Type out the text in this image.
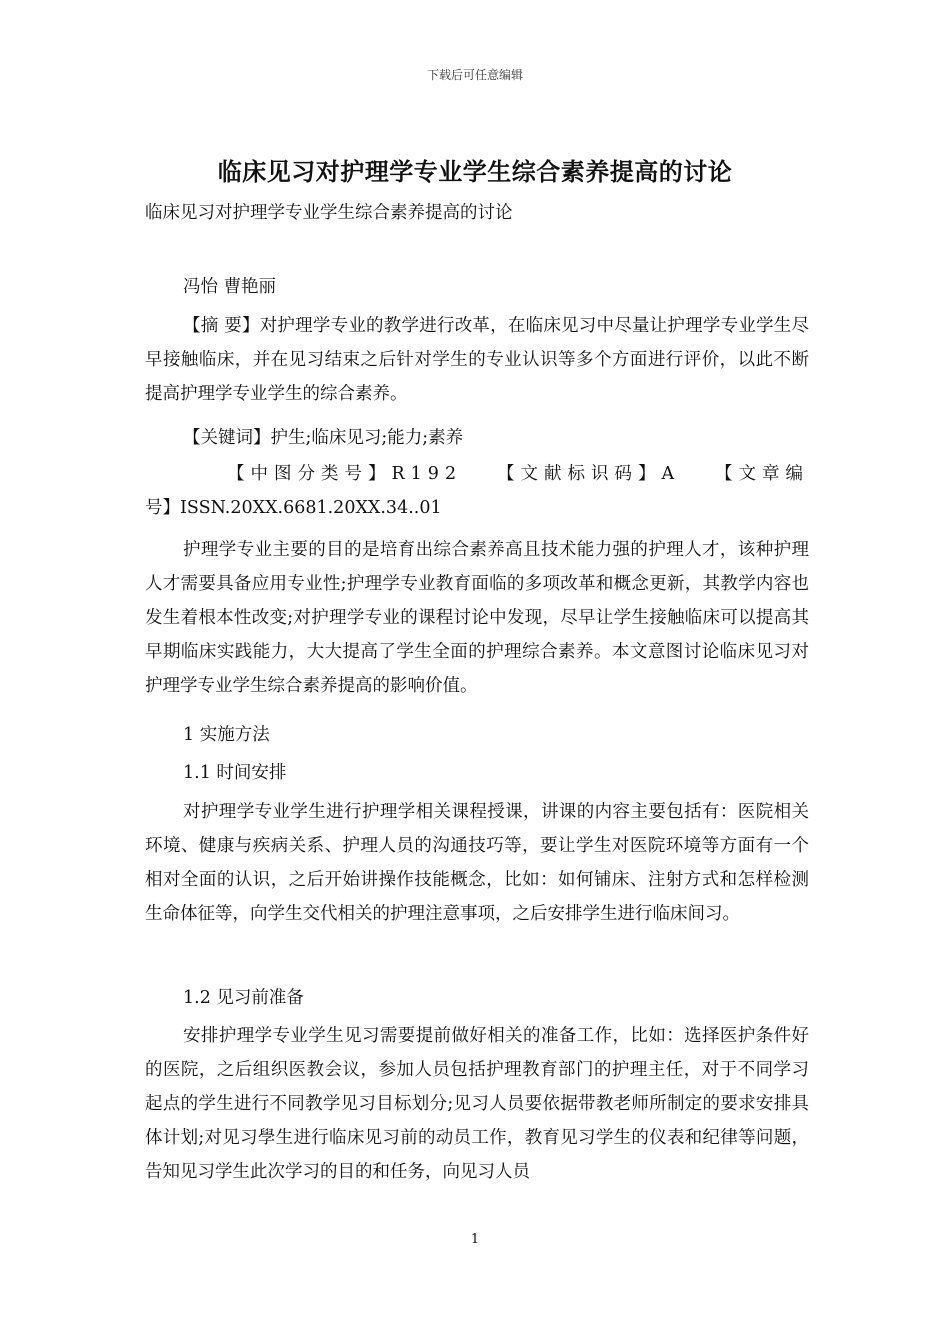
下载后可任意编辑
临床见习对护理学专业学生综合素养提高的讨论
临床见习对护理学专业学生综合素养提高的讨论
冯怡 曹艳丽
【摘 要】对护理学专业的教学进行改革，在临床见习中尽量让护理学专业学生尽早接触临床，并在见习结束之后针对学生的专业认识等多个方面进行评价，以此不断提高护理学专业学生的综合素养。
【关键词】护生;临床见习;能力;素养
【中图分类号】R192 【文献标识码】A 【文章编
号】ISSN.20XX.6681.20XX.34..01
护理学专业主要的目的是培育出综合素养高且技术能力强的护理人才，该种护理人才需要具备应用专业性;护理学专业教育面临的多项改革和概念更新，其教学内容也发生着根本性改变;对护理学专业的课程讨论中发现，尽早让学生接触临床可以提高其早期临床实践能力，大大提高了学生全面的护理综合素养。本文意图讨论临床见习对护理学专业学生综合素养提高的影响价值。
1 实施方法
1.1 时间安排
对护理学专业学生进行护理学相关课程授课，讲课的内容主要包括有：医院相关环境、健康与疾病关系、护理人员的沟通技巧等，要让学生对医院环境等方面有一个相对全面的认识，之后开始讲操作技能概念，比如：如何铺床、注射方式和怎样检测生命体征等，向学生交代相关的护理注意事项，之后安排学生进行临床间习。
1.2 见习前准备
安排护理学专业学生见习需要提前做好相关的准备工作，比如：选择医护条件好的医院，之后组织医教会议，参加人员包括护理教育部门的护理主任，对于不同学习起点的学生进行不同教学见习目标划分;见习人员要依据带教老师所制定的要求安排具体计划;对见习學生进行临床见习前的动员工作，教育见习学生的仪表和纪律等问题，告知见习学生此次学习的目的和任务，向见习人员
1
